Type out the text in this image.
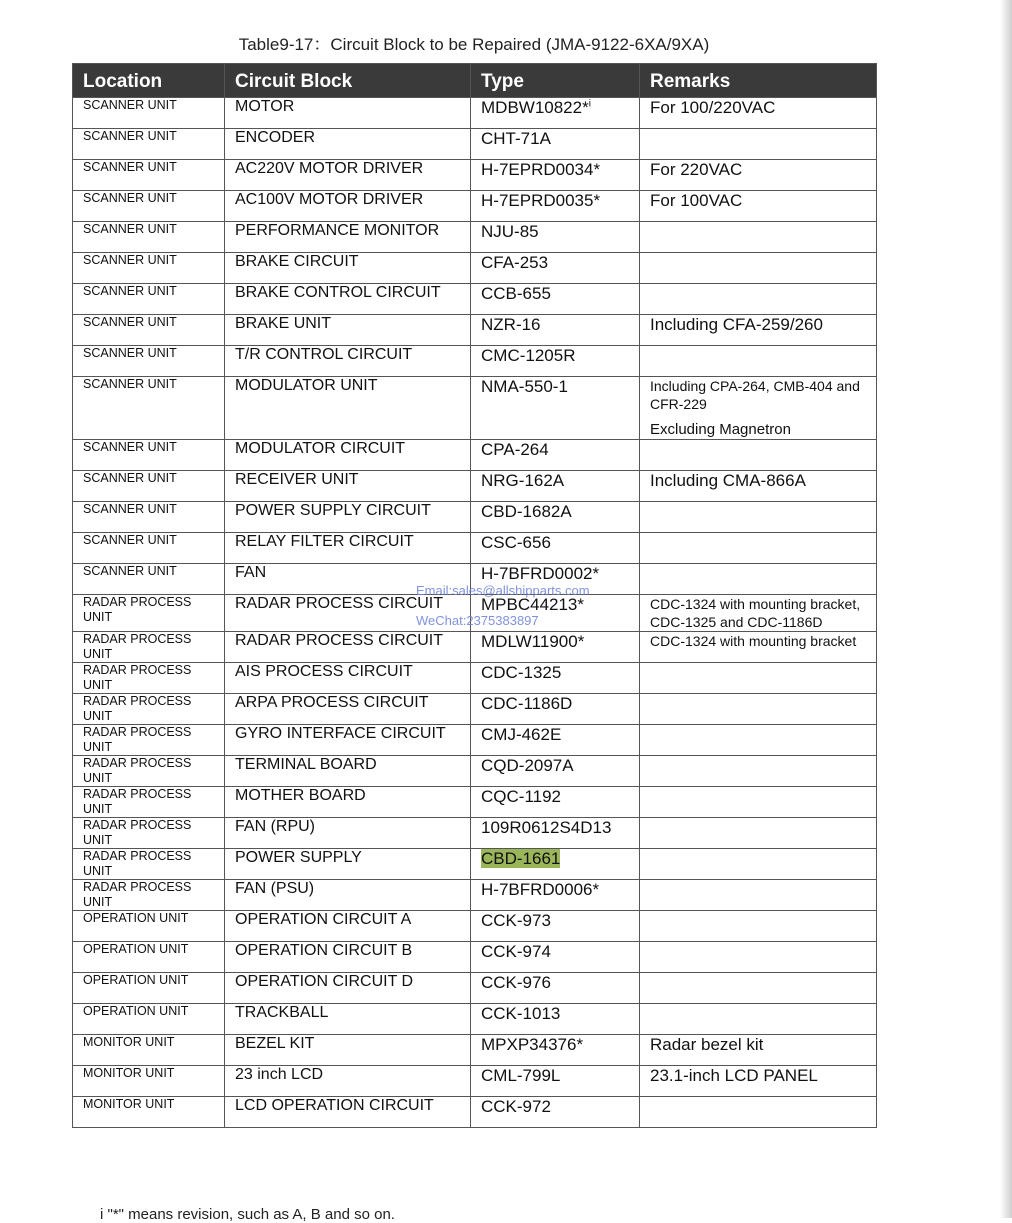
Table9-17：Circuit Block to be Repaired (JMA-9122-6XA/9XA)
Location	Circuit Block	Type	Remarks
SCANNER UNIT	MOTOR	MDBW10822*$^i$	For 100/220VAC

SCANNER UNIT	ENCODER	CHT-71A	
SCANNER UNIT	AC220V MOTOR DRIVER	H-7EPRD0034*	For 220VAC

SCANNER UNIT	AC100V MOTOR DRIVER	H-7EPRD0035*	For 100VAC

SCANNER UNIT	PERFORMANCE MONITOR	NJU-85	
SCANNER UNIT	BRAKE CIRCUIT	CFA-253	
SCANNER UNIT	BRAKE CONTROL CIRCUIT	CCB-655	
SCANNER UNIT	BRAKE UNIT	NZR-16	Including CFA-259/260

SCANNER UNIT	T/R CONTROL CIRCUIT	CMC-1205R	
SCANNER UNIT	MODULATOR UNIT	NMA-550-1	Including CPA-264, CMB-404 and CFR-229
Excluding Magnetron

SCANNER UNIT	MODULATOR CIRCUIT	CPA-264	
SCANNER UNIT	RECEIVER UNIT	NRG-162A	Including CMA-866A

SCANNER UNIT	POWER SUPPLY CIRCUIT	CBD-1682A	
SCANNER UNIT	RELAY FILTER CIRCUIT	CSC-656	
SCANNER UNIT	FAN	H-7BFRD0002*	
RADAR PROCESS UNIT	RADAR PROCESS CIRCUIT	MPBC44213*	CDC-1324 with mounting bracket, CDC-1325 and CDC-1186D

RADAR PROCESS UNIT	RADAR PROCESS CIRCUIT	MDLW11900*	CDC-1324 with mounting bracket

RADAR PROCESS UNIT	AIS PROCESS CIRCUIT	CDC-1325	
RADAR PROCESS UNIT	ARPA PROCESS CIRCUIT	CDC-1186D	
RADAR PROCESS UNIT	GYRO INTERFACE CIRCUIT	CMJ-462E	
RADAR PROCESS UNIT	TERMINAL BOARD	CQD-2097A	
RADAR PROCESS UNIT	MOTHER BOARD	CQC-1192	
RADAR PROCESS UNIT	FAN (RPU)	109R0612S4D13	
RADAR PROCESS UNIT	POWER SUPPLY	CBD-1661	
RADAR PROCESS UNIT	FAN (PSU)	H-7BFRD0006*	
OPERATION UNIT	OPERATION CIRCUIT A	CCK-973	
OPERATION UNIT	OPERATION CIRCUIT B	CCK-974	
OPERATION UNIT	OPERATION CIRCUIT D	CCK-976	
OPERATION UNIT	TRACKBALL	CCK-1013	
MONITOR UNIT	BEZEL KIT	MPXP34376*	Radar bezel kit

MONITOR UNIT	23 inch LCD	CML-799L	23.1-inch LCD PANEL

MONITOR UNIT	LCD OPERATION CIRCUIT	CCK-972	
Email:sales@allshipparts.com
WeChat:2375383897
i "*" means revision, such as A, B and so on.
